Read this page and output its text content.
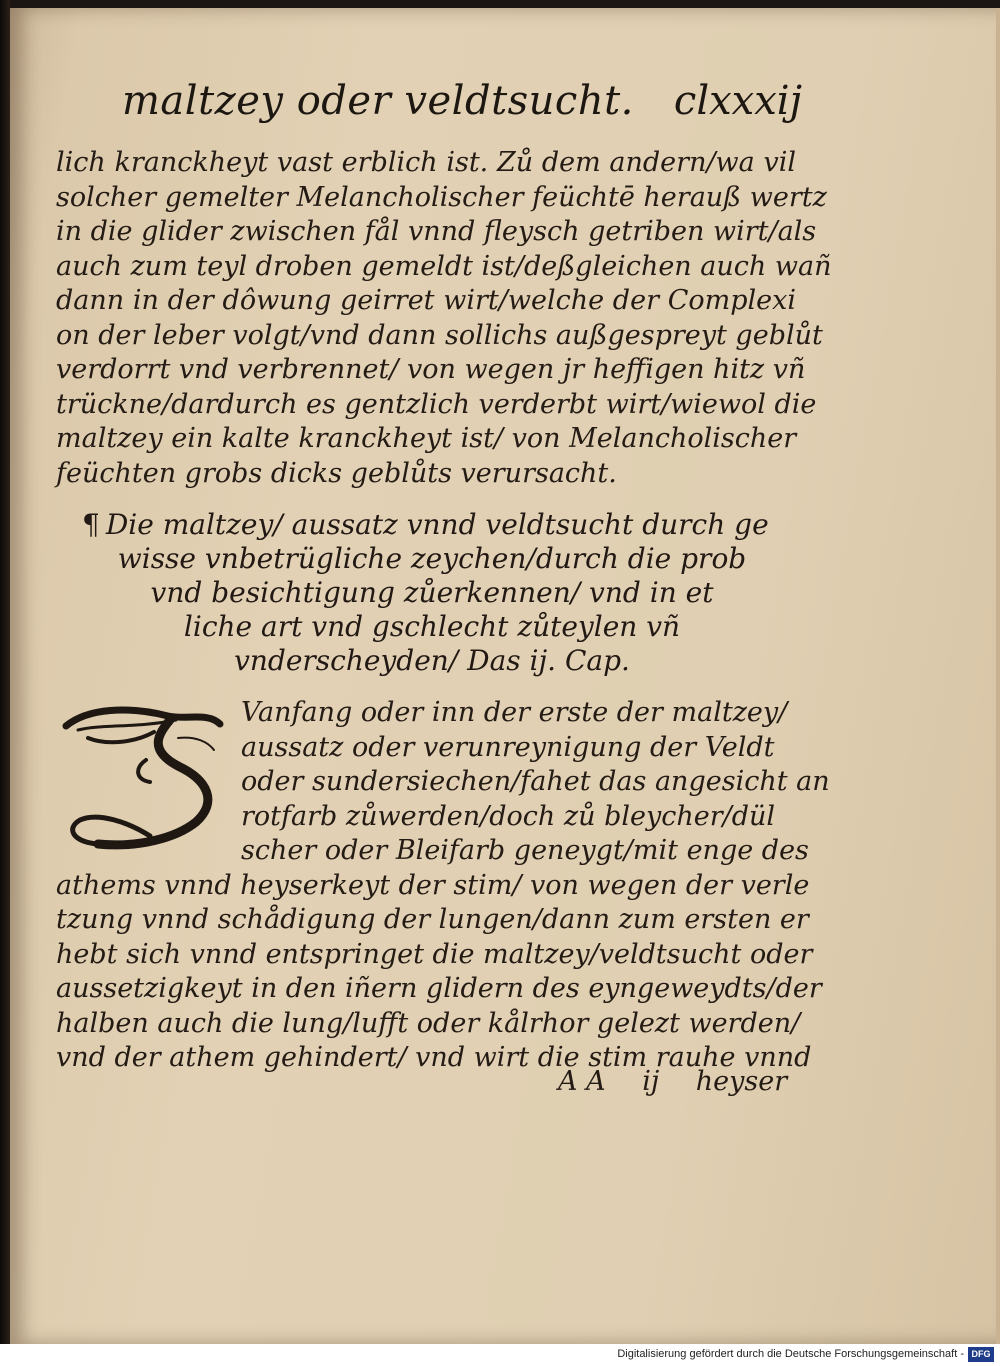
maltzey oder veldtsucht. clxxxij
lich kranckheyt vast erblich ist. Zů dem andern/wa vil
solcher gemelter Melancholischer feüchtē herauß wertz
in die glider zwischen fål vnnd fleysch getriben wirt/als
auch zum teyl droben gemeldt ist/deßgleichen auch wañ
dann in der dôwung geirret wirt/welche der Complexi
on der leber volgt/vnd dann sollichs außgespreyt geblůt
verdorrt vnd verbrennet/ von wegen jr heffigen hitz vñ
trückne/dardurch es gentzlich verderbt wirt/wiewol die
maltzey ein kalte kranckheyt ist/ von Melancholischer
feüchten grobs dicks geblůts verursacht.
¶ Die maltzey/ aussatz vnnd veldtsucht durch ge
wisse vnbetrügliche zeychen/durch die prob
vnd besichtigung zůerkennen/ vnd in et
liche art vnd gschlecht zůteylen vñ
vnderscheyden/ Das ij. Cap.
Vanfang oder inn der erste der maltzey/
aussatz oder verunreynigung der Veldt
oder sundersiechen/fahet das angesicht an
rotfarb zůwerden/doch zů bleycher/dül
scher oder Bleifarb geneygt/mit enge des
athems vnnd heyserkeyt der stim/ von wegen der verle
tzung vnnd schådigung der lungen/dann zum ersten er
hebt sich vnnd entspringet die maltzey/veldtsucht oder
aussetzigkeyt in den iñern glidern des eyngeweydts/der
halben auch die lung/lufft oder kålrhor gelezt werden/
vnd der athem gehindert/ vnd wirt die stim rauhe vnnd
A A ij heyser
Digitalisierung gefördert durch die Deutsche Forschungsgemeinschaft - DFG
